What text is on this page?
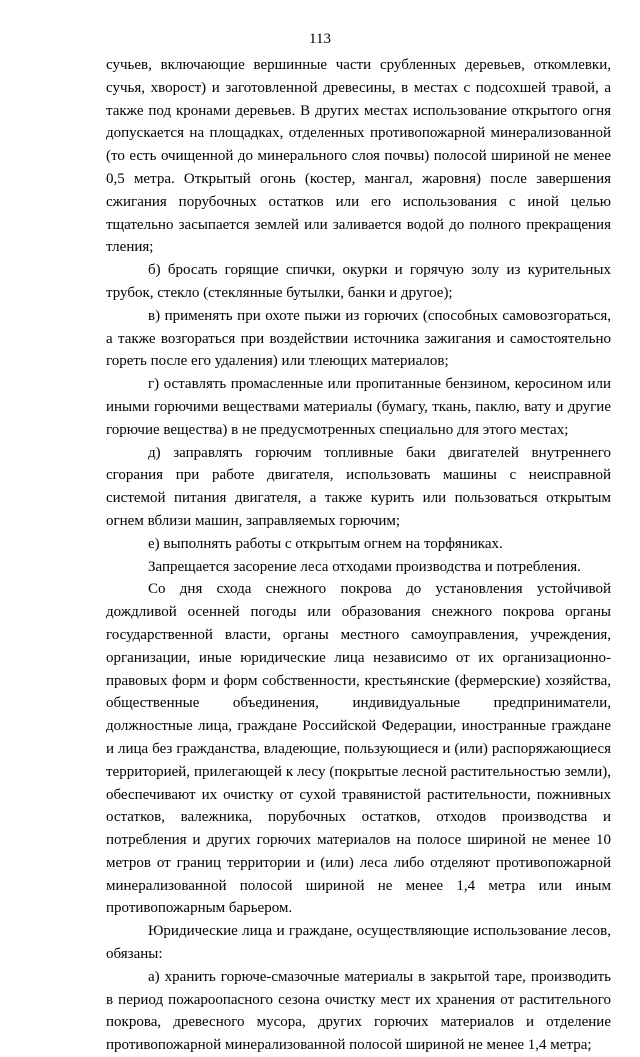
113

сучьев, включающие вершинные части срубленных деревьев, откомлевки, сучья, хворост) и заготовленной древесины, в местах с подсохшей травой, а также под кронами деревьев. В других местах использование открытого огня допускается на площадках, отделенных противопожарной минерализованной (то есть очищенной до минерального слоя почвы) полосой шириной не менее 0,5 метра. Открытый огонь (костер, мангал, жаровня) после завершения сжигания порубочных остатков или его использования с иной целью тщательно засыпается землей или заливается водой до полного прекращения тления;

б) бросать горящие спички, окурки и горячую золу из курительных трубок, стекло (стеклянные бутылки, банки и другое);

в) применять при охоте пыжи из горючих (способных самовозгораться, а также возгораться при воздействии источника зажигания и самостоятельно гореть после его удаления) или тлеющих материалов;

г) оставлять промасленные или пропитанные бензином, керосином или иными горючими веществами материалы (бумагу, ткань, паклю, вату и другие горючие вещества) в не предусмотренных специально для этого местах;

д) заправлять горючим топливные баки двигателей внутреннего сгорания при работе двигателя, использовать машины с неисправной системой питания двигателя, а также курить или пользоваться открытым огнем вблизи машин, заправляемых горючим;

е) выполнять работы с открытым огнем на торфяниках.

Запрещается засорение леса отходами производства и потребления.

Со дня схода снежного покрова до установления устойчивой дождливой осенней погоды или образования снежного покрова органы государственной власти, органы местного самоуправления, учреждения, организации, иные юридические лица независимо от их организационно-правовых форм и форм собственности, крестьянские (фермерские) хозяйства, общественные объединения, индивидуальные предприниматели, должностные лица, граждане Российской Федерации, иностранные граждане и лица без гражданства, владеющие, пользующиеся и (или) распоряжающиеся территорией, прилегающей к лесу (покрытые лесной растительностью земли), обеспечивают их очистку от сухой травянистой растительности, пожнивных остатков, валежника, порубочных остатков, отходов производства и потребления и других горючих материалов на полосе шириной не менее 10 метров от границ территории и (или) леса либо отделяют противопожарной минерализованной полосой шириной не менее 1,4 метра или иным противопожарным барьером.

Юридические лица и граждане, осуществляющие использование лесов, обязаны:

а) хранить горюче-смазочные материалы в закрытой таре, производить в период пожароопасного сезона очистку мест их хранения от растительного покрова, древесного мусора, других горючих материалов и отделение противопожарной минерализованной полосой шириной не менее 1,4 метра;
